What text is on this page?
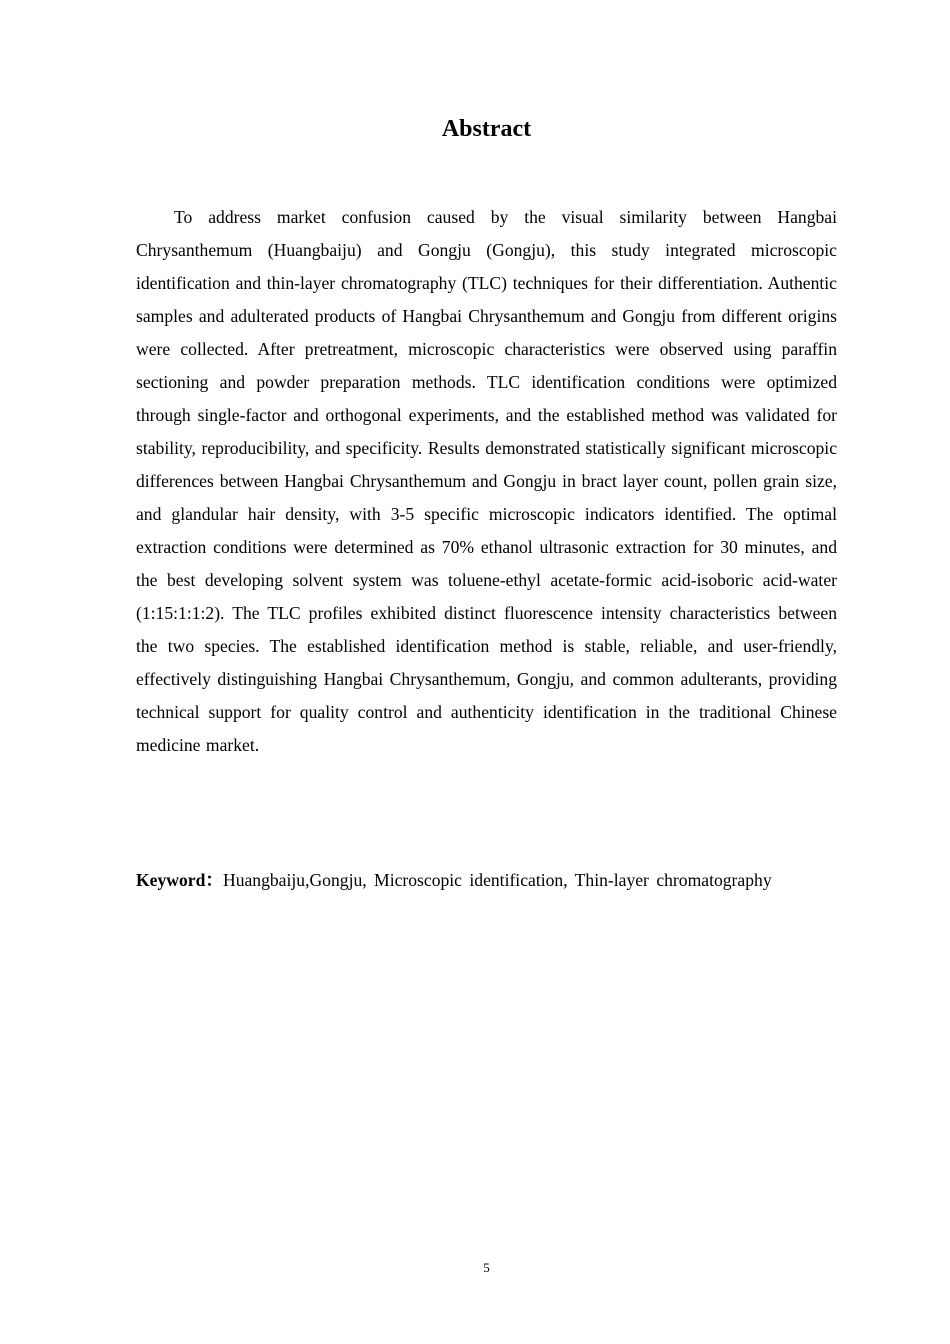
Abstract

To address market confusion caused by the visual similarity between Hangbai Chrysanthemum (Huangbaiju) and Gongju (Gongju), this study integrated microscopic identification and thin-layer chromatography (TLC) techniques for their differentiation. Authentic samples and adulterated products of Hangbai Chrysanthemum and Gongju from different origins were collected. After pretreatment, microscopic characteristics were observed using paraffin sectioning and powder preparation methods. TLC identification conditions were optimized through single-factor and orthogonal experiments, and the established method was validated for stability, reproducibility, and specificity. Results demonstrated statistically significant microscopic differences between Hangbai Chrysanthemum and Gongju in bract layer count, pollen grain size, and glandular hair density, with 3-5 specific microscopic indicators identified. The optimal extraction conditions were determined as 70% ethanol ultrasonic extraction for 30 minutes, and the best developing solvent system was toluene-ethyl acetate-formic acid-isoboric acid-water (1:15:1:1:2). The TLC profiles exhibited distinct fluorescence intensity characteristics between the two species. The established identification method is stable, reliable, and user-friendly, effectively distinguishing Hangbai Chrysanthemum, Gongju, and common adulterants, providing technical support for quality control and authenticity identification in the traditional Chinese medicine market.

Keyword：Huangbaiju,Gongju, Microscopic identification, Thin-layer chromatography

5
